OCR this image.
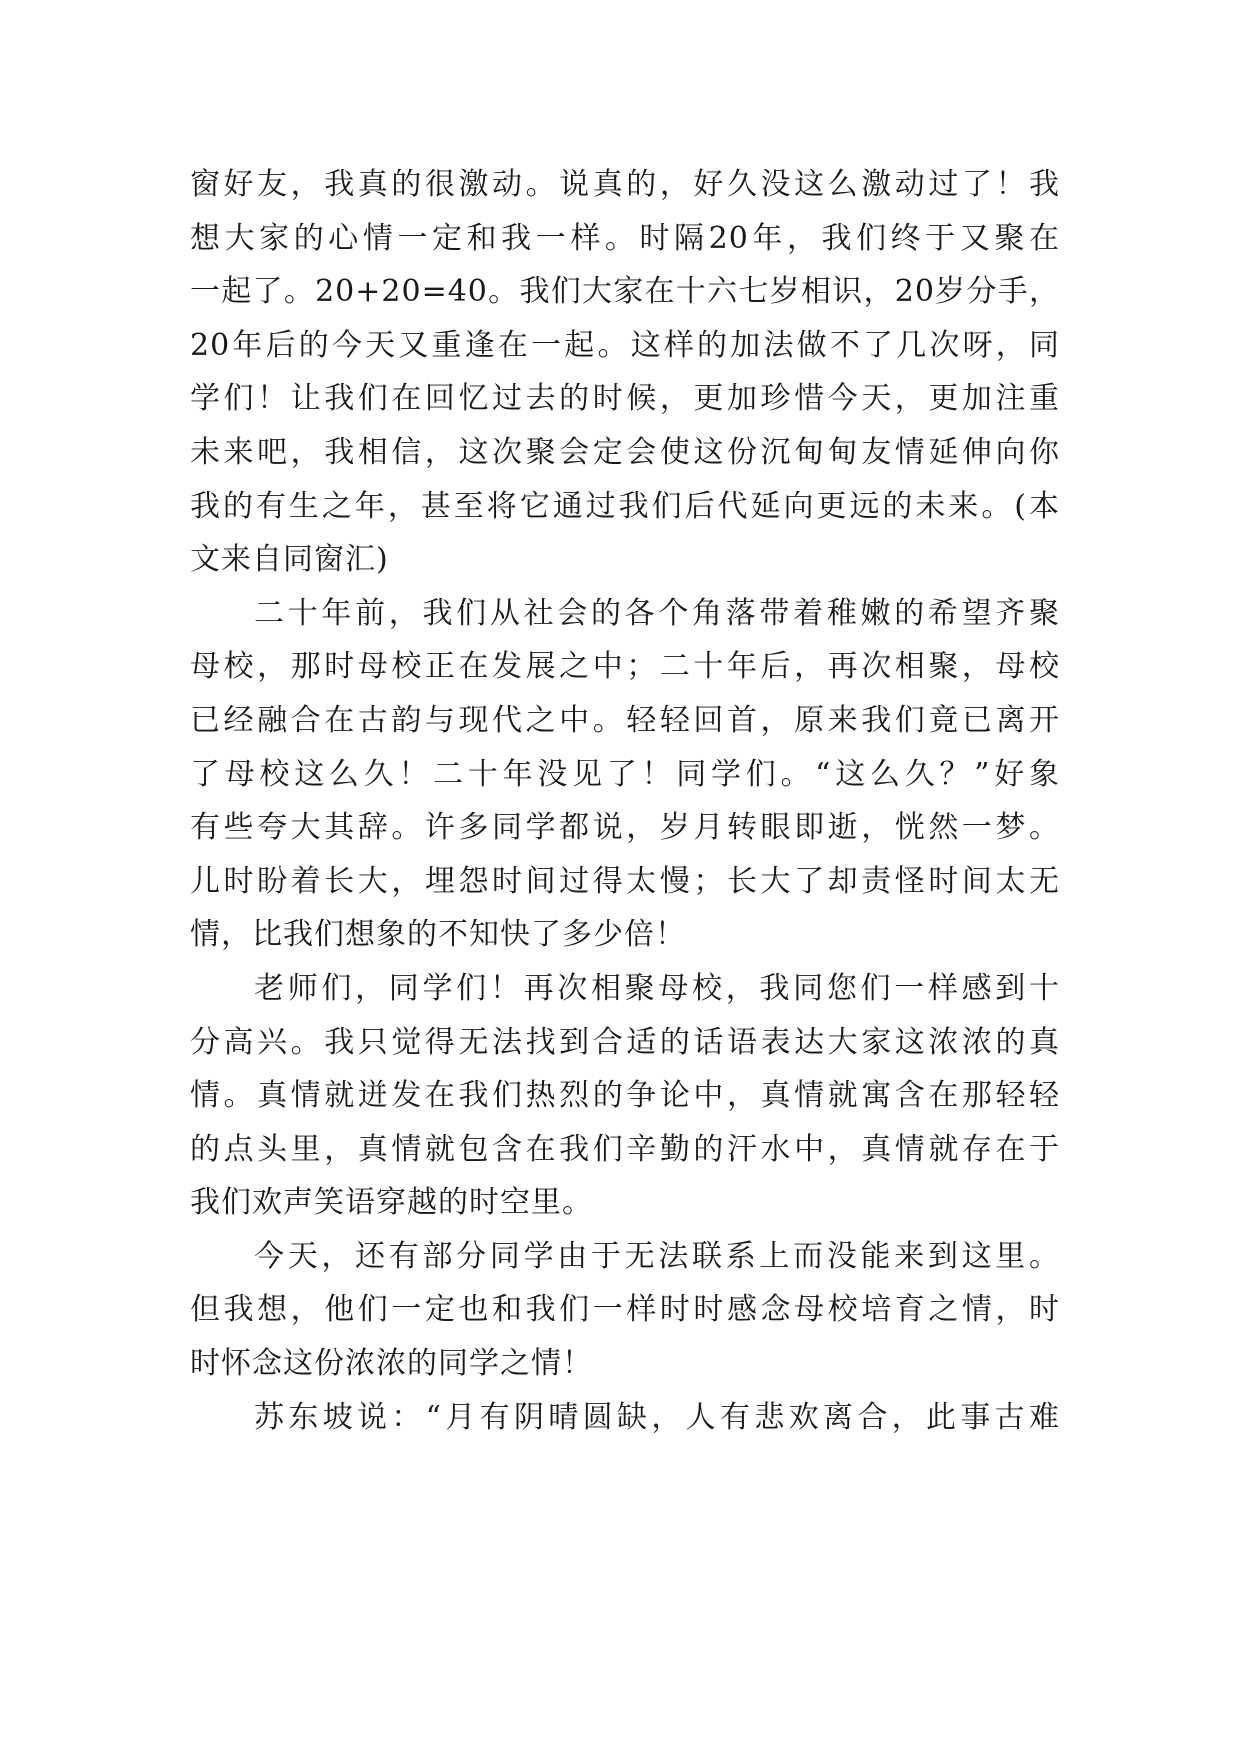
窗好友，我真的很激动。说真的，好久没这么激动过了！我
想大家的心情一定和我一样。时隔20年，我们终于又聚在
一起了。20+20=40。我们大家在十六七岁相识，20岁分手，
20年后的今天又重逢在一起。这样的加法做不了几次呀，同
学们！让我们在回忆过去的时候，更加珍惜今天，更加注重
未来吧，我相信，这次聚会定会使这份沉甸甸友情延伸向你
我的有生之年，甚至将它通过我们后代延向更远的未来。(本
文来自同窗汇)
二十年前，我们从社会的各个角落带着稚嫩的希望齐聚
母校，那时母校正在发展之中；二十年后，再次相聚，母校
已经融合在古韵与现代之中。轻轻回首，原来我们竟已离开
了母校这么久！二十年没见了！同学们。“这么久？”好象
有些夸大其辞。许多同学都说，岁月转眼即逝，恍然一梦。
儿时盼着长大，埋怨时间过得太慢；长大了却责怪时间太无
情，比我们想象的不知快了多少倍！
老师们，同学们！再次相聚母校，我同您们一样感到十
分高兴。我只觉得无法找到合适的话语表达大家这浓浓的真
情。真情就迸发在我们热烈的争论中，真情就寓含在那轻轻
的点头里，真情就包含在我们辛勤的汗水中，真情就存在于
我们欢声笑语穿越的时空里。
今天，还有部分同学由于无法联系上而没能来到这里。
但我想，他们一定也和我们一样时时感念母校培育之情，时
时怀念这份浓浓的同学之情！
苏东坡说：“月有阴晴圆缺，人有悲欢离合，此事古难
